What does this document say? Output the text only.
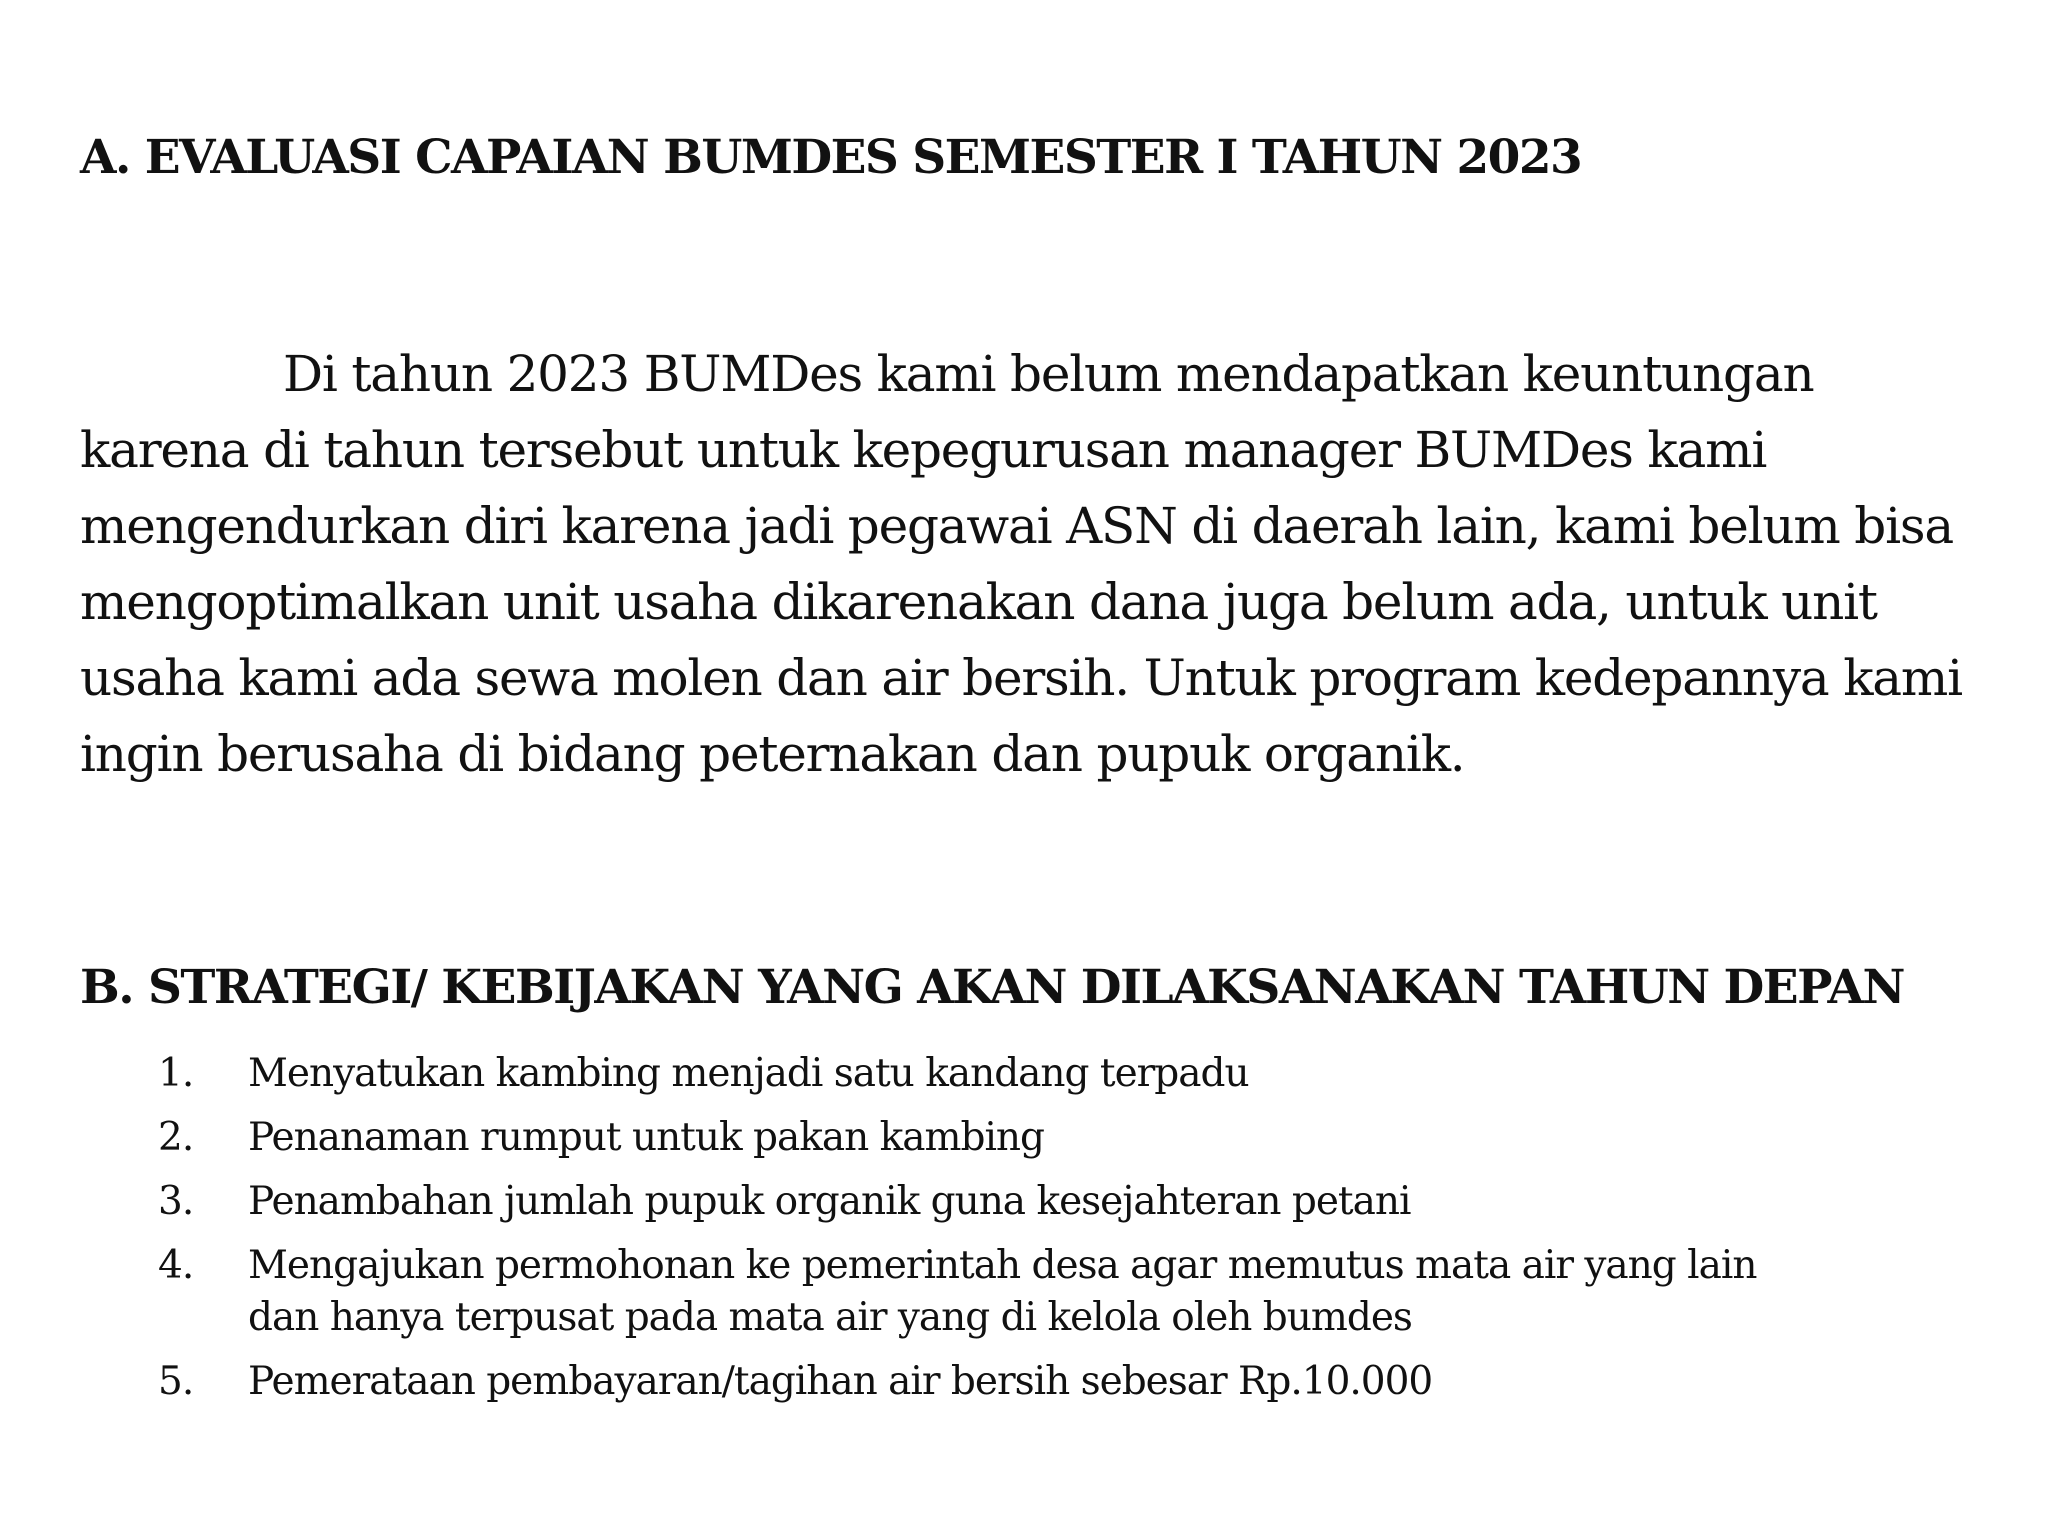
A. EVALUASI CAPAIAN BUMDES SEMESTER I TAHUN 2023

Di tahun 2023 BUMDes kami belum mendapatkan keuntungan karena di tahun tersebut untuk kepegurusan manager BUMDes kami mengendurkan diri karena jadi pegawai ASN di daerah lain, kami belum bisa mengoptimalkan unit usaha dikarenakan dana juga belum ada, untuk unit usaha kami ada sewa molen dan air bersih. Untuk program kedepannya kami ingin berusaha di bidang peternakan dan pupuk organik.

B. STRATEGI/ KEBIJAKAN YANG AKAN DILAKSANAKAN TAHUN DEPAN
1.	Menyatukan kambing menjadi satu kandang terpadu
2.	Penanaman rumput untuk pakan kambing
3.	Penambahan jumlah pupuk organik guna kesejahteran petani
4.	Mengajukan permohonan ke pemerintah desa agar memutus mata air yang lain dan hanya terpusat pada mata air yang di kelola oleh bumdes
5.	Pemerataan pembayaran/tagihan air bersih sebesar Rp.10.000
